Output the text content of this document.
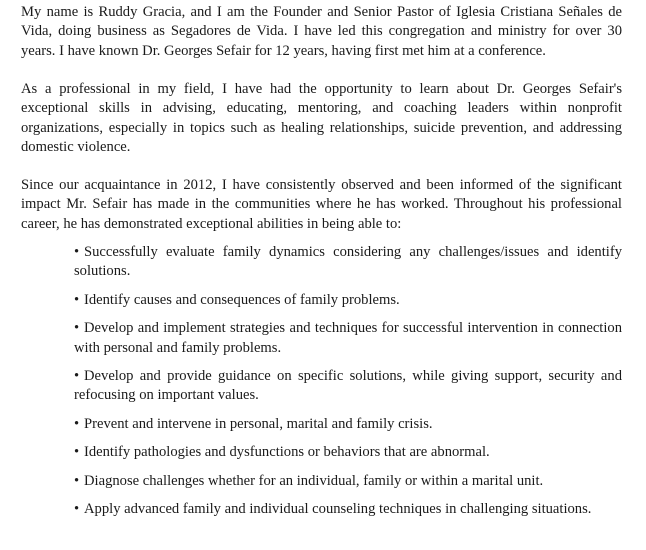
My name is Ruddy Gracia, and I am the Founder and Senior Pastor of Iglesia Cristiana Señales de Vida, doing business as Segadores de Vida. I have led this congregation and ministry for over 30 years. I have known Dr. Georges Sefair for 12 years, having first met him at a conference.

As a professional in my field, I have had the opportunity to learn about Dr. Georges Sefair's exceptional skills in advising, educating, mentoring, and coaching leaders within nonprofit organizations, especially in topics such as healing relationships, suicide prevention, and addressing domestic violence.

Since our acquaintance in 2012, I have consistently observed and been informed of the significant impact Mr. Sefair has made in the communities where he has worked. Throughout his professional career, he has demonstrated exceptional abilities in being able to:

• Successfully evaluate family dynamics considering any challenges/issues and identify solutions.
• Identify causes and consequences of family problems.
• Develop and implement strategies and techniques for successful intervention in connection with personal and family problems.
• Develop and provide guidance on specific solutions, while giving support, security and refocusing on important values.
• Prevent and intervene in personal, marital and family crisis.
• Identify pathologies and dysfunctions or behaviors that are abnormal.
• Diagnose challenges whether for an individual, family or within a marital unit.
• Apply advanced family and individual counseling techniques in challenging situations.
